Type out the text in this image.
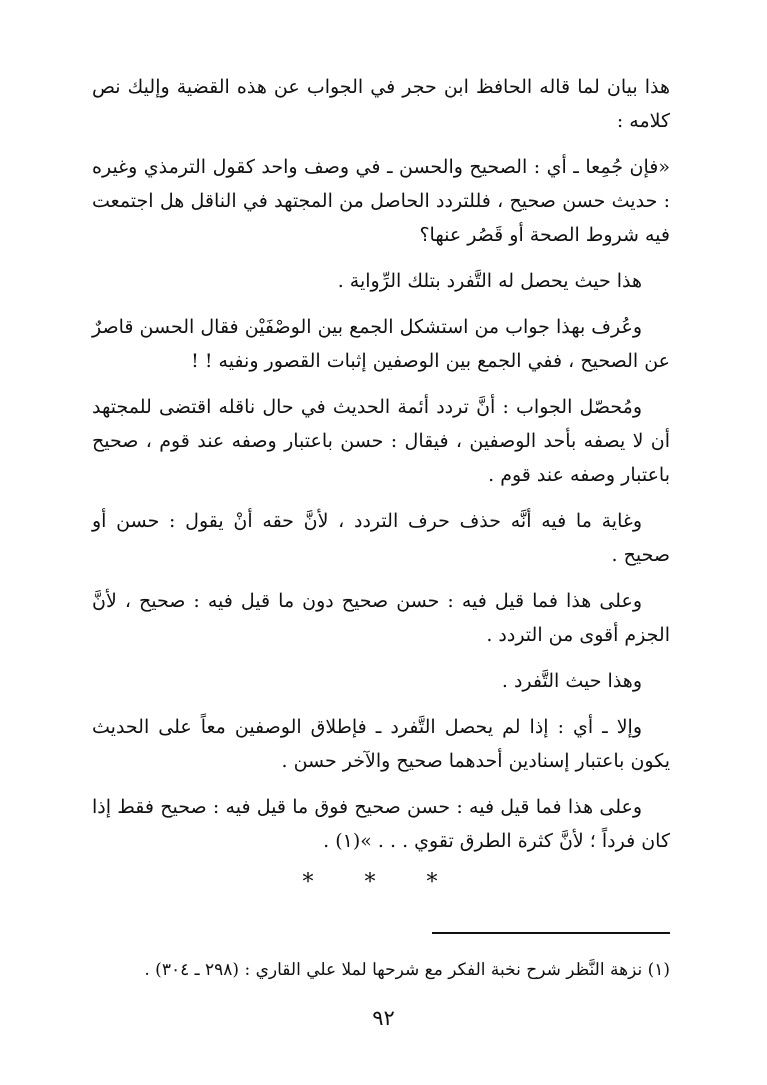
هذا بيان لما قاله الحافظ ابن حجر في الجواب عن هذه القضية وإليك نص كلامه :

«فإن جُمِعا ـ أي : الصحيح والحسن ـ في وصف واحد كقول الترمذي وغيره : حديث حسن صحيح ، فللتردد الحاصل من المجتهد في الناقل هل اجتمعت فيه شروط الصحة أو قَصُر عنها؟

هذا حيث يحصل له التَّفرد بتلك الرِّواية .

وعُرف بهذا جواب من استشكل الجمع بين الوصْفَيْن فقال الحسن قاصرٌ عن الصحيح ، ففي الجمع بين الوصفين إثبات القصور ونفيه ! !

ومُحصّل الجواب : أنَّ تردد أئمة الحديث في حال ناقله اقتضى للمجتهد أن لا يصفه بأحد الوصفين ، فيقال : حسن باعتبار وصفه عند قوم ، صحيح باعتبار وصفه عند قوم .

وغاية ما فيه أنَّه حذف حرف التردد ، لأنَّ حقه أنْ يقول : حسن أو صحيح .

وعلى هذا فما قيل فيه : حسن صحيح دون ما قيل فيه : صحيح ، لأنَّ الجزم أقوى من التردد .

وهذا حيث التَّفرد .

وإلا ـ أي : إذا لم يحصل التَّفرد ـ فإطلاق الوصفين معاً على الحديث يكون باعتبار إسنادين أحدهما صحيح والآخر حسن .

وعلى هذا فما قيل فيه : حسن صحيح فوق ما قيل فيه : صحيح فقط إذا كان فرداً ؛ لأنَّ كثرة الطرق تقوي . . . »(١) .

* * *
(١) نزهة النَّظر شرح نخبة الفكر مع شرحها لملا علي القاري : (٢٩٨ ـ ٣٠٤) .
٩٢
